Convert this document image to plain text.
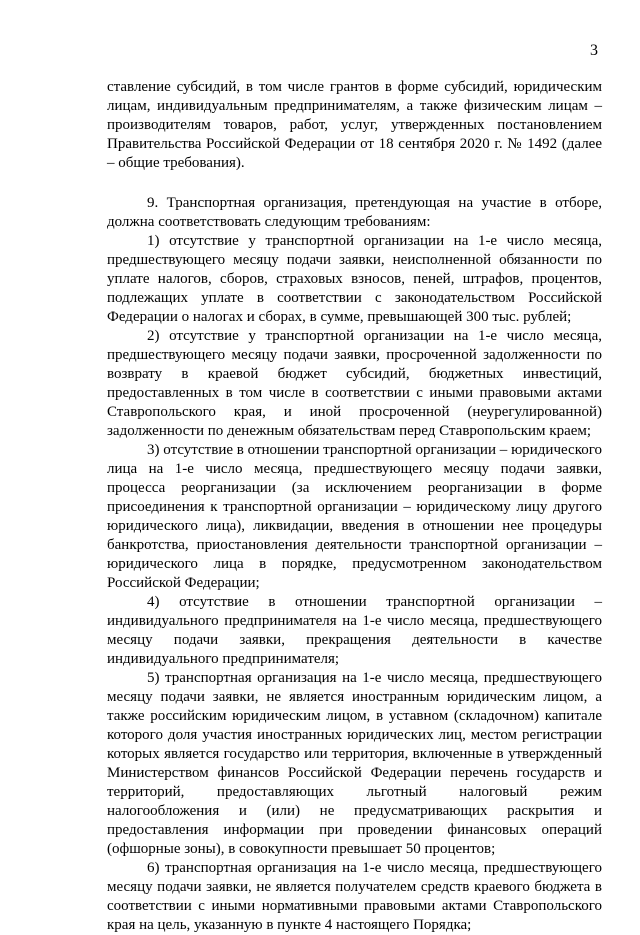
3

ставление субсидий, в том числе грантов в форме субсидий, юридическим лицам, индивидуальным предпринимателям, а также физическим лицам – производителям товаров, работ, услуг, утвержденных постановлением Правительства Российской Федерации от 18 сентября 2020 г. № 1492 (далее – общие требования).

9. Транспортная организация, претендующая на участие в отборе, должна соответствовать следующим требованиям:

1) отсутствие у транспортной организации на 1-е число месяца, предшествующего месяцу подачи заявки, неисполненной обязанности по уплате налогов, сборов, страховых взносов, пеней, штрафов, процентов, подлежащих уплате в соответствии с законодательством Российской Федерации о налогах и сборах, в сумме, превышающей 300 тыс. рублей;

2) отсутствие у транспортной организации на 1-е число месяца, предшествующего месяцу подачи заявки, просроченной задолженности по возврату в краевой бюджет субсидий, бюджетных инвестиций, предоставленных в том числе в соответствии с иными правовыми актами Ставропольского края, и иной просроченной (неурегулированной) задолженности по денежным обязательствам перед Ставропольским краем;

3) отсутствие в отношении транспортной организации – юридического лица на 1-е число месяца, предшествующего месяцу подачи заявки, процесса реорганизации (за исключением реорганизации в форме присоединения к транспортной организации – юридическому лицу другого юридического лица), ликвидации, введения в отношении нее процедуры банкротства, приостановления деятельности транспортной организации – юридического лица в порядке, предусмотренном законодательством Российской Федерации;

4) отсутствие в отношении транспортной организации – индивидуального предпринимателя на 1-е число месяца, предшествующего месяцу подачи заявки, прекращения деятельности в качестве индивидуального предпринимателя;

5) транспортная организация на 1-е число месяца, предшествующего месяцу подачи заявки, не является иностранным юридическим лицом, а также российским юридическим лицом, в уставном (складочном) капитале которого доля участия иностранных юридических лиц, местом регистрации которых является государство или территория, включенные в утвержденный Министерством финансов Российской Федерации перечень государств и территорий, предоставляющих льготный налоговый режим налогообложения и (или) не предусматривающих раскрытия и предоставления информации при проведении финансовых операций (офшорные зоны), в совокупности превышает 50 процентов;

6) транспортная организация на 1-е число месяца, предшествующего месяцу подачи заявки, не является получателем средств краевого бюджета в соответствии с иными нормативными правовыми актами Ставропольского края на цель, указанную в пункте 4 настоящего Порядка;
